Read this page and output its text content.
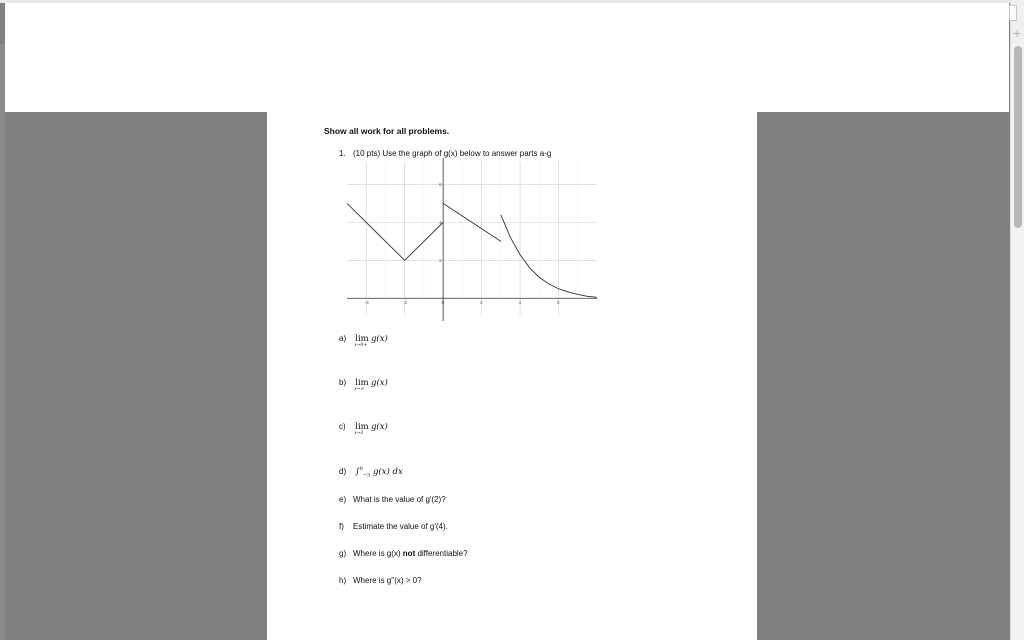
+
Show all work for all problems.
1. (10 pts) Use the graph of g(x) below to answer parts a-g
-4	-2	0	2	4	6
2
4
6
a) lim
x→0+
g(x)
b) lim
x→∞
g(x)
c) lim
x→3
g(x)
d) ∫$^0_{-3}$ g(x) dx
e) What is the value of g′(2)?
f) Estimate the value of g′(4).
g) Where is g(x) not differentiable?
h) Where is g′′(x) > 0?
